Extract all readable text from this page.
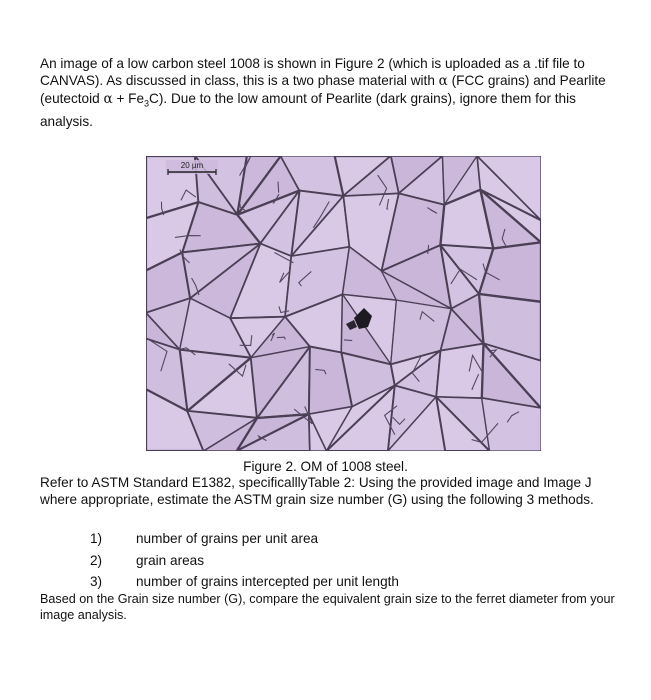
An image of a low carbon steel 1008 is shown in Figure 2 (which is uploaded as a .tif file to CANVAS). As discussed in class, this is a two phase material with α (FCC grains) and Pearlite (eutectoid $\alpha + Fe_3C$). Due to the low amount of Pearlite (dark grains), ignore them for this analysis.
20 µm
Figure 2. OM of 1008 steel.
Refer to ASTM Standard E1382, specificalllyTable 2: Using the provided image and Image J where appropriate, estimate the ASTM grain size number (G) using the following 3 methods.
1) number of grains per unit area
2) grain areas
3) number of grains intercepted per unit length
Based on the Grain size number (G), compare the equivalent grain size to the ferret diameter from your image analysis.
